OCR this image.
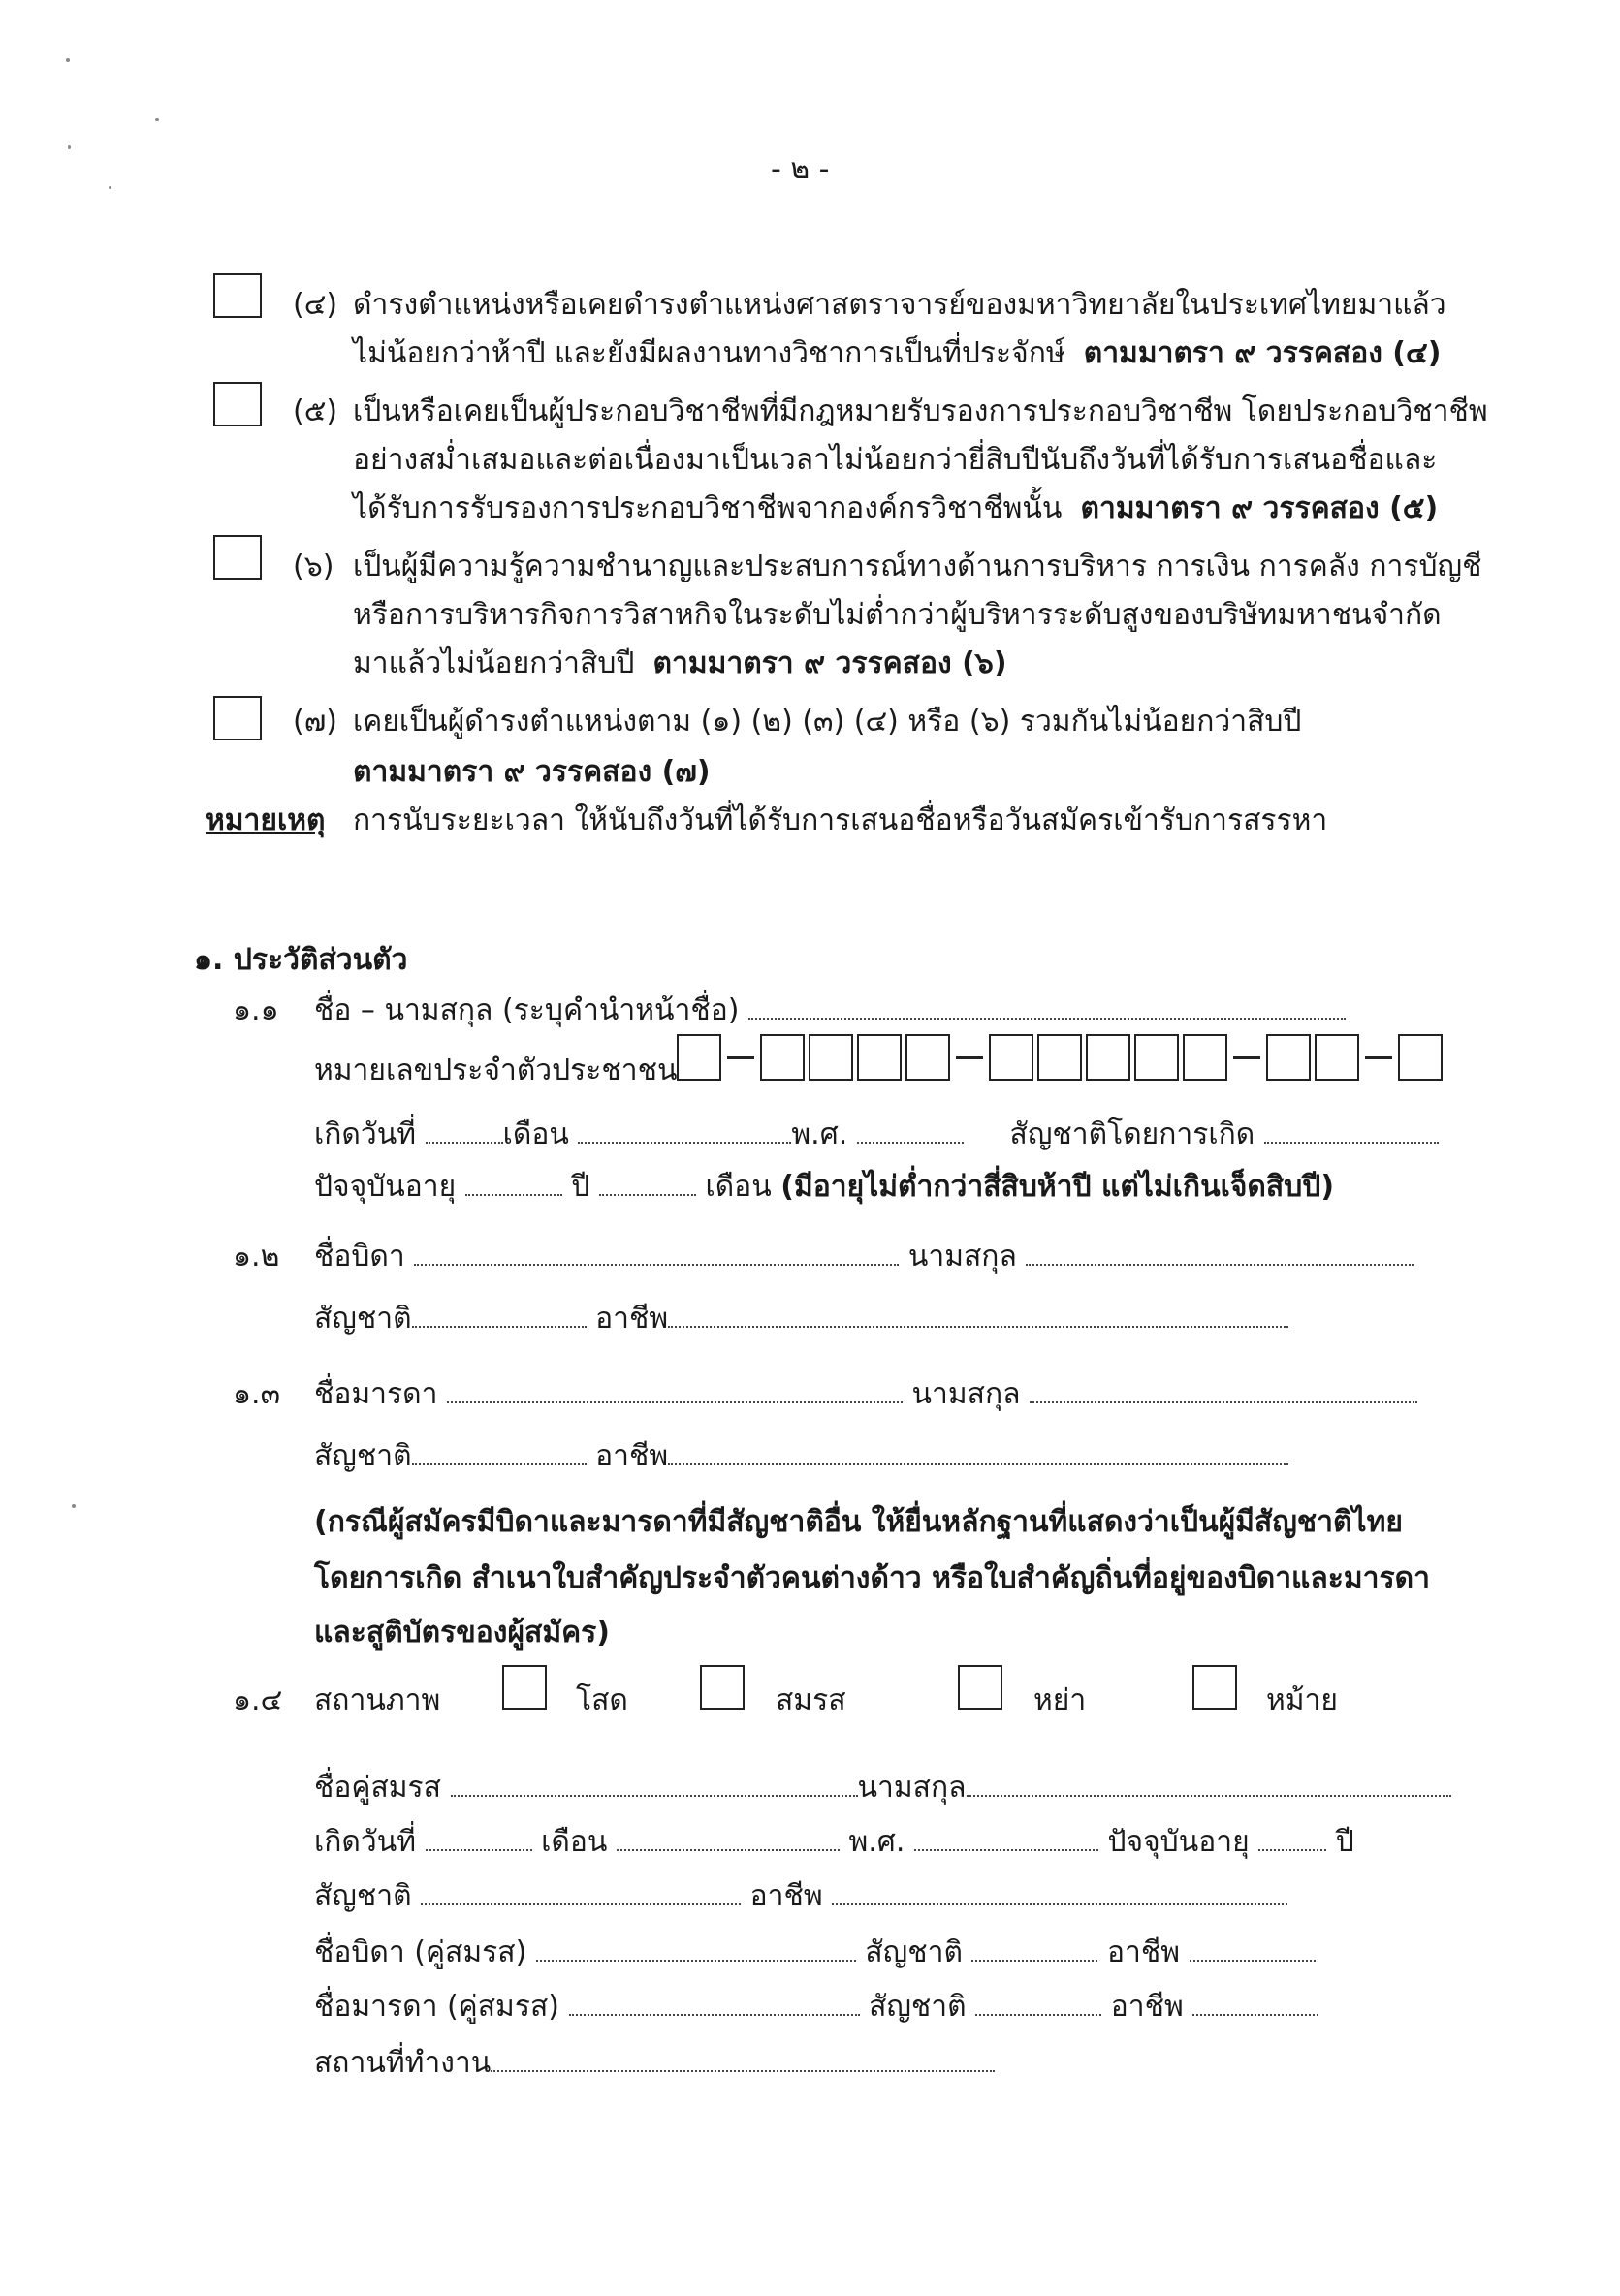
- ๒ -
(๔) ดำรงตำแหน่งหรือเคยดำรงตำแหน่งศาสตราจารย์ของมหาวิทยาลัยในประเทศไทยมาแล้ว
ไม่น้อยกว่าห้าปี และยังมีผลงานทางวิชาการเป็นที่ประจักษ์ ตามมาตรา ๙ วรรคสอง (๔)
(๕) เป็นหรือเคยเป็นผู้ประกอบวิชาชีพที่มีกฎหมายรับรองการประกอบวิชาชีพ โดยประกอบวิชาชีพ
อย่างสม่ำเสมอและต่อเนื่องมาเป็นเวลาไม่น้อยกว่ายี่สิบปีนับถึงวันที่ได้รับการเสนอชื่อและ
ได้รับการรับรองการประกอบวิชาชีพจากองค์กรวิชาชีพนั้น ตามมาตรา ๙ วรรคสอง (๕)
(๖) เป็นผู้มีความรู้ความชำนาญและประสบการณ์ทางด้านการบริหาร การเงิน การคลัง การบัญชี
หรือการบริหารกิจการวิสาหกิจในระดับไม่ต่ำกว่าผู้บริหารระดับสูงของบริษัทมหาชนจำกัด
มาแล้วไม่น้อยกว่าสิบปี ตามมาตรา ๙ วรรคสอง (๖)
(๗) เคยเป็นผู้ดำรงตำแหน่งตาม (๑) (๒) (๓) (๔) หรือ (๖) รวมกันไม่น้อยกว่าสิบปี
ตามมาตรา ๙ วรรคสอง (๗)
หมายเหตุ การนับระยะเวลา ให้นับถึงวันที่ได้รับการเสนอชื่อหรือวันสมัครเข้ารับการสรรหา
๑. ประวัติส่วนตัว
๑.๑ ชื่อ – นามสกุล (ระบุคำนำหน้าชื่อ)
หมายเลขประจำตัวประชาชน
เกิดวันที่	เดือน	พ.ศ.	สัญชาติโดยการเกิด
ปัจจุบันอายุ	ปี	เดือน (มีอายุไม่ต่ำกว่าสี่สิบห้าปี แต่ไม่เกินเจ็ดสิบปี)
๑.๒ ชื่อบิดา	นามสกุล
สัญชาติ	อาชีพ
๑.๓ ชื่อมารดา	นามสกุล
สัญชาติ	อาชีพ
(กรณีผู้สมัครมีบิดาและมารดาที่มีสัญชาติอื่น ให้ยื่นหลักฐานที่แสดงว่าเป็นผู้มีสัญชาติไทย
โดยการเกิด สำเนาใบสำคัญประจำตัวคนต่างด้าว หรือใบสำคัญถิ่นที่อยู่ของบิดาและมารดา
และสูติบัตรของผู้สมัคร)
๑.๔ สถานภาพ	โสด	สมรส	หย่า	หม้าย
ชื่อคู่สมรส	นามสกุล
เกิดวันที่	เดือน	พ.ศ.	ปัจจุบันอายุ	ปี
สัญชาติ	อาชีพ
ชื่อบิดา (คู่สมรส)	สัญชาติ	อาชีพ
ชื่อมารดา (คู่สมรส)	สัญชาติ	อาชีพ
สถานที่ทำงาน
